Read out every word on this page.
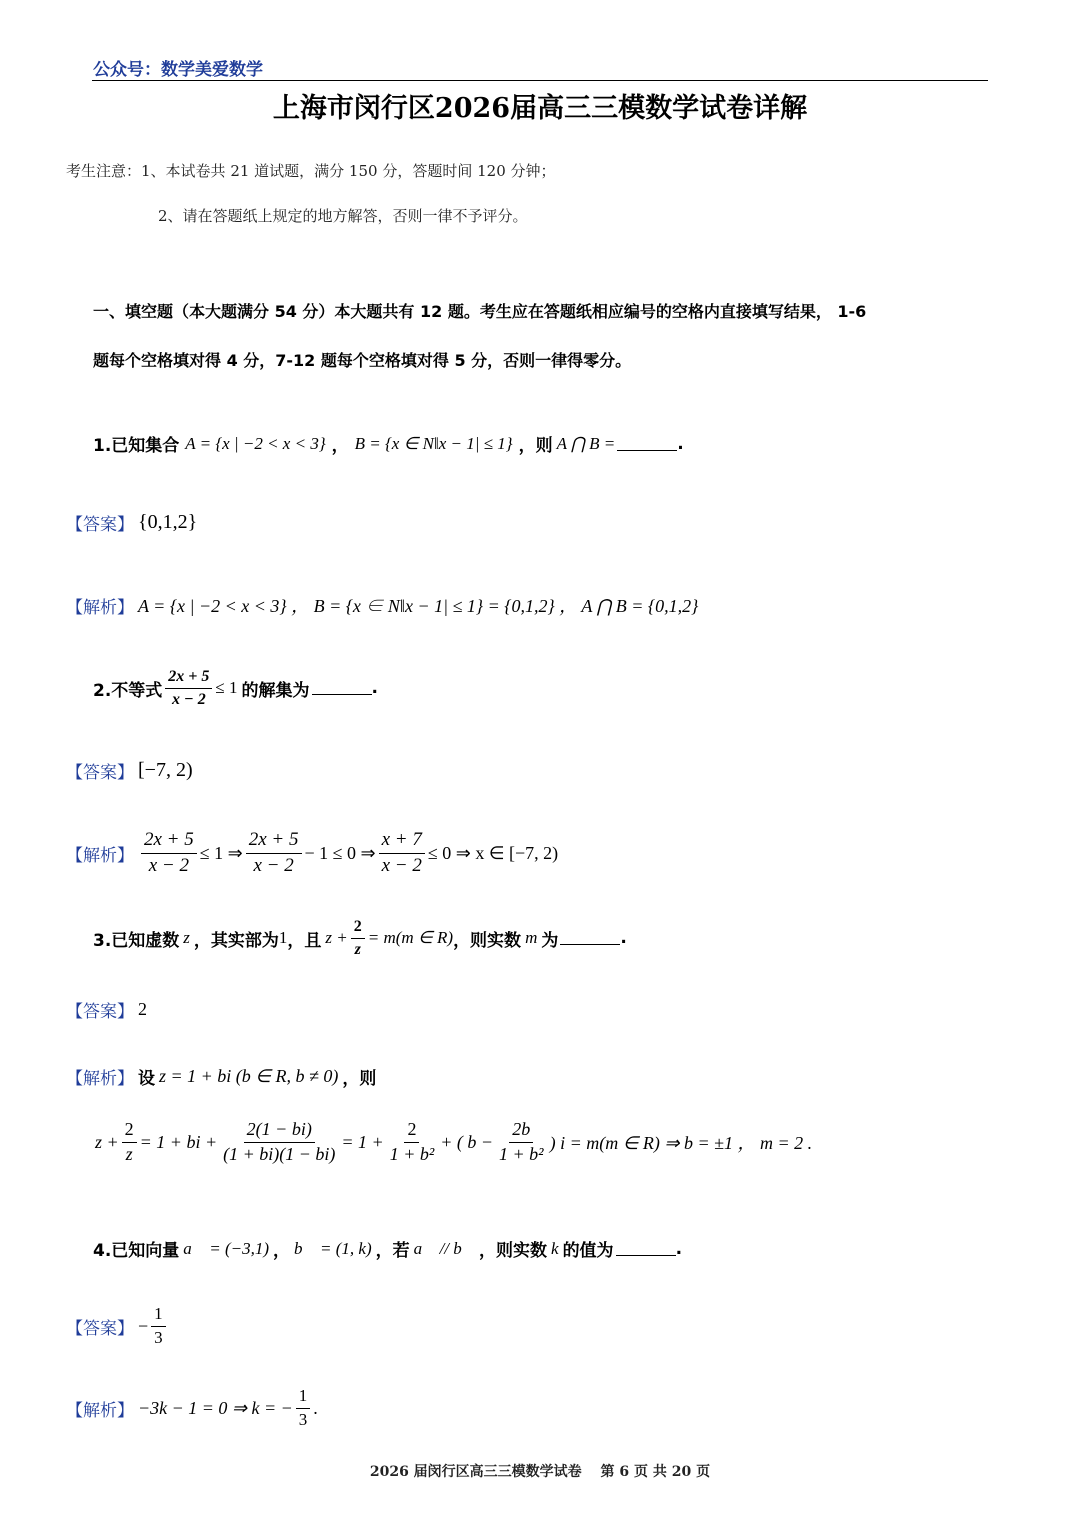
公众号：数学美爱数学
上海市闵行区2026届高三三模数学试卷详解
考生注意：1、本试卷共 21 道试题，满分 150 分，答题时间 120 分钟；
2、请在答题纸上规定的地方解答，否则一律不予评分。
一、填空题（本大题满分 54 分）本大题共有 12 题。考生应在答题纸相应编号的空格内直接填写结果， 1-6
题每个空格填对得 4 分，7-12 题每个空格填对得 5 分，否则一律得零分。
1.已知集合 A = {x | −2 < x < 3} ， B = {x ∈ N‖x − 1| ≤ 1} ，则 A ⋂ B =	.
【答案】 {0,1,2}
【解析】 A = {x | −2 < x < 3} ， B = {x ∈ N‖x − 1| ≤ 1} = {0,1,2} ， A ⋂ B = {0,1,2}
2.不等式 $\frac{2x + 5}{x - 2} \le 1$ 的解集为	.
【答案】 [−7, 2)
【解析】 $\frac{2x + 5}{x - 2} \le 1$ ⇒ $\frac{2x + 5}{x - 2} - 1 \le 0$ ⇒ $\frac{x + 7}{x - 2} \le 0$ ⇒ x ∈ [−7, 2)
3.已知虚数 z ，其实部为 1 ，且 $z + \frac{2}{z} = m(m$ ∈ R) ，则实数 m 为	.
【答案】 2
【解析】 设 z = 1 + bi (b ∈ R, b ≠ 0) ，则
$z + \frac{2}{z} = 1$ + bi + $\frac{2(1 - bi)}{(1 + bi)(1 - bi)} = 1 + \frac{2}{\text{1 + b²}}$ + ( $b - \frac{2b}{\text{1 + b²}}$ ) i = m(m ∈ R) ⇒ b = ±1 ， m = 2 .
4.已知向量 a⃗ = (−3,1) ， b⃗ = (1, k) ，若 a⃗ // b⃗ ，则实数 k 的值为	.
【答案】 − $\frac{1}{3}$
【解析】 −3k − 1 = 0 ⇒ k = − $\frac{1}{3}$ .
2026 届闵行区高三三模数学试卷　 第 6 页 共 20 页
